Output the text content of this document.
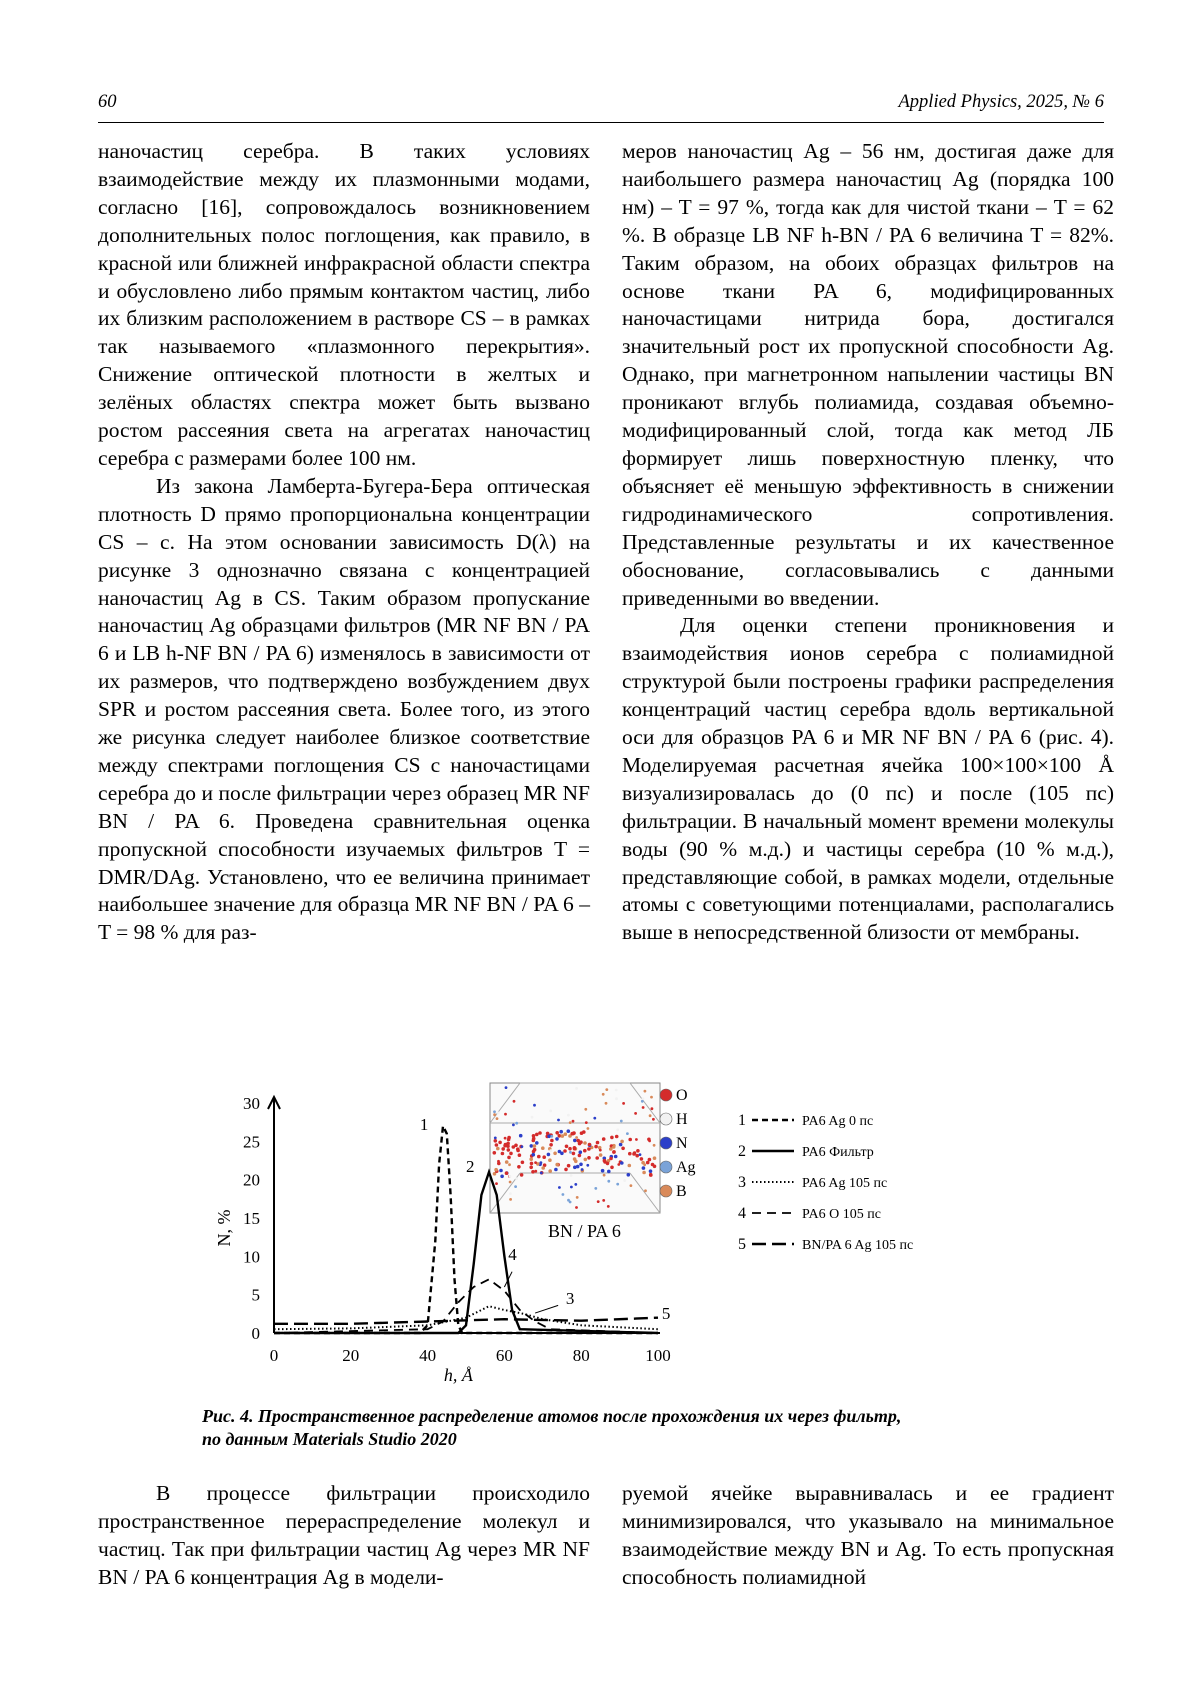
60	Applied Physics, 2025, № 6

наночастиц серебра. В таких условиях взаимодействие между их плазмонными модами, согласно [16], сопровождалось возникновением дополнительных полос поглощения, как правило, в красной или ближней инфракрасной области спектра и обусловлено либо прямым контактом частиц, либо их близким расположением в растворе CS – в рамках так называемого «плазмонного перекрытия». Снижение оптической плотности в желтых и зелёных областях спектра может быть вызвано ростом рассеяния света на агрегатах наночастиц серебра с размерами более 100 нм.

Из закона Ламберта-Бугера-Бера оптическая плотность D прямо пропорциональна концентрации CS – c. На этом основании зависимость D(λ) на рисунке 3 однозначно связана с концентрацией наночастиц Ag в CS. Таким образом пропускание наночастиц Ag образцами фильтров (MR NF BN / PA 6 и LB h-NF BN / PA 6) изменялось в зависимости от их размеров, что подтверждено возбуждением двух SPR и ростом рассеяния света. Более того, из этого же рисунка следует наиболее близкое соответствие между спектрами поглощения CS с наночастицами серебра до и после фильтрации через образец MR NF BN / PA 6. Проведена сравнительная оценка пропускной способности изучаемых фильтров T = DMR/DAg. Установлено, что ее величина принимает наибольшее значение для образца MR NF BN / PA 6 – T = 98 % для раз-

меров наночастиц Ag – 56 нм, достигая даже для наибольшего размера наночастиц Ag (порядка 100 нм) – T = 97 %, тогда как для чистой ткани – T = 62 %. В образце LB NF h-BN / PA 6 величина T = 82%. Таким образом, на обоих образцах фильтров на основе ткани PA 6, модифицированных наночастицами нитрида бора, достигался значительный рост их пропускной способности Ag. Однако, при магнетронном напылении частицы BN проникают вглубь полиамида, создавая объемно-модифицированный слой, тогда как метод ЛБ формирует лишь поверхностную пленку, что объясняет её меньшую эффективность в снижении гидродинамического сопротивления. Представленные результаты и их качественное обоснование, согласовывались с данными приведенными во введении.

Для оценки степени проникновения и взаимодействия ионов серебра с полиамидной структурой были построены графики распределения концентраций частиц серебра вдоль вертикальной оси для образцов PA 6 и MR NF BN / PA 6 (рис. 4). Моделируемая расчетная ячейка 100×100×100 Å визуализировалась до (0 пс) и после (105 пс) фильтрации. В начальный момент времени молекулы воды (90 % м.д.) и частицы серебра (10 % м.д.), представляющие собой, в рамках модели, отдельные атомы с советующими потенциалами, располагались выше в непосредственной близости от мембраны.

0	20	40	60	80	100
0
5
10
15
20
25
30
h, Å
N, %	BN / PA 6
1
2
3
4
5
1	PA6 Ag 0 пс
2	PA6 Фильтр
3	PA6 Ag 105 пс
4	PA6 О 105 пс
5	BN/PA 6 Ag 105 пс
O
H
N
Ag
B
Рис. 4. Пространственное распределение атомов после прохождения их через фильтр,
по данным Materials Studio 2020

В процессе фильтрации происходило пространственное перераспределение молекул и частиц. Так при фильтрации частиц Ag через MR NF BN / PA 6 концентрация Ag в модели-

руемой ячейке выравнивалась и ее градиент минимизировался, что указывало на минимальное взаимодействие между BN и Ag. То есть пропускная способность полиамидной
